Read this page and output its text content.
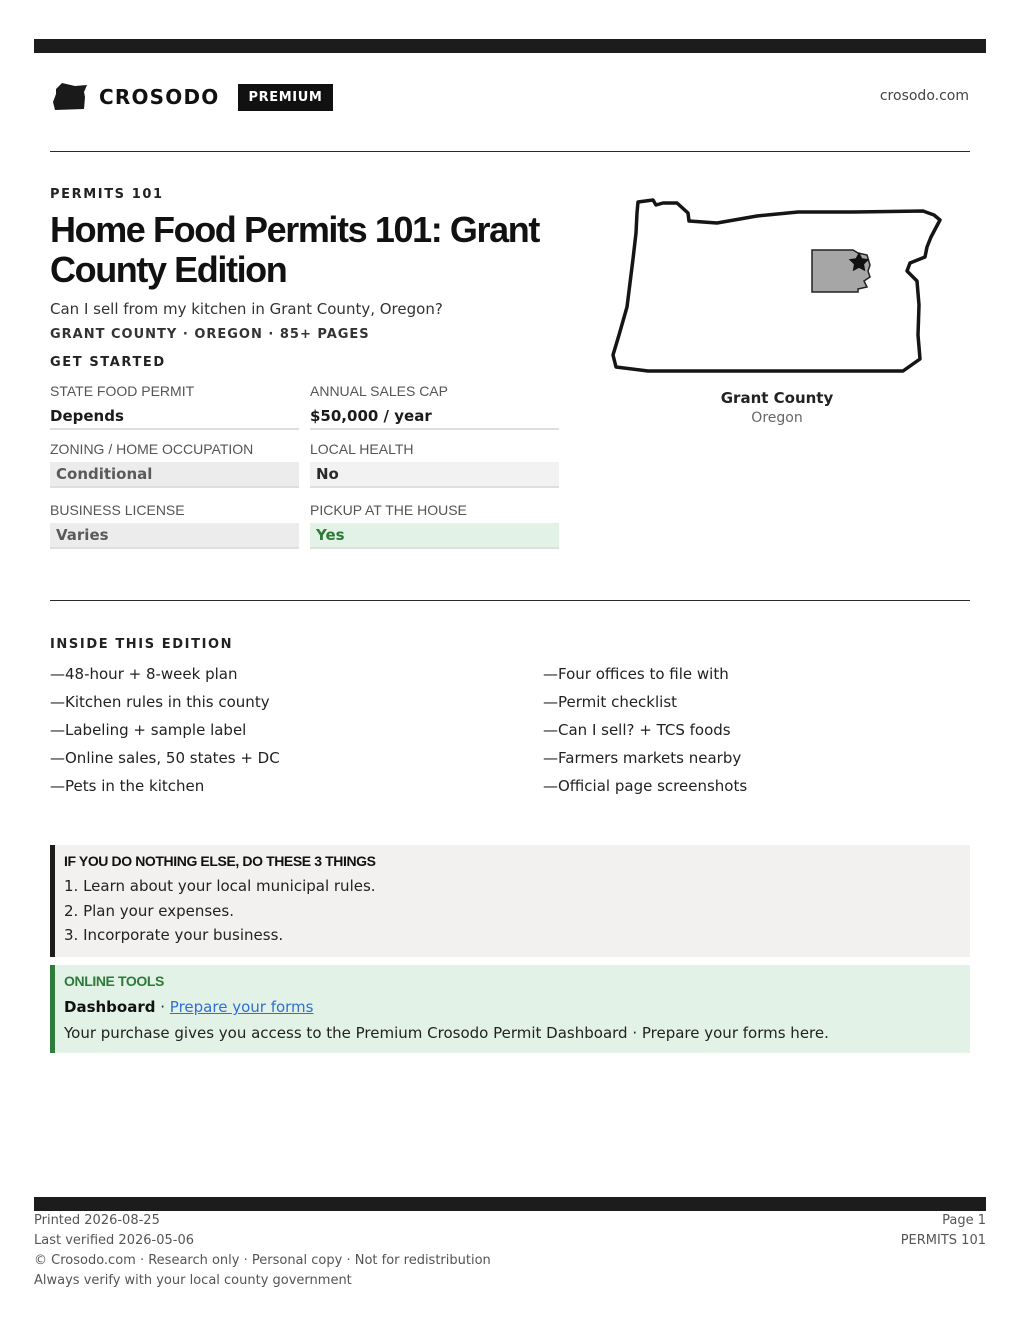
CROSODO	PREMIUM	crosodo.com
PERMITS 101
Home Food Permits 101: Grant County Edition
Can I sell from my kitchen in Grant County, Oregon?
GRANT COUNTY · OREGON · 85+ PAGES
GET STARTED
STATE FOOD PERMIT
Depends
ANNUAL SALES CAP
$50,000 / year
ZONING / HOME OCCUPATION
Conditional
LOCAL HEALTH
No
BUSINESS LICENSE
Varies
PICKUP AT THE HOUSE
Yes
Grant County
Oregon
INSIDE THIS EDITION
—48-hour + 8-week plan
—Kitchen rules in this county
—Labeling + sample label
—Online sales, 50 states + DC
—Pets in the kitchen
—Four offices to file with
—Permit checklist
—Can I sell? + TCS foods
—Farmers markets nearby
—Official page screenshots
IF YOU DO NOTHING ELSE, DO THESE 3 THINGS
1. Learn about your local municipal rules.
2. Plan your expenses.
3. Incorporate your business.
ONLINE TOOLS
Dashboard · Prepare your forms
Your purchase gives you access to the Premium Crosodo Permit Dashboard · Prepare your forms here.
Printed 2026-08-25
Last verified 2026-05-06
© Crosodo.com · Research only · Personal copy · Not for redistribution
Always verify with your local county government
Page 1
PERMITS 101
